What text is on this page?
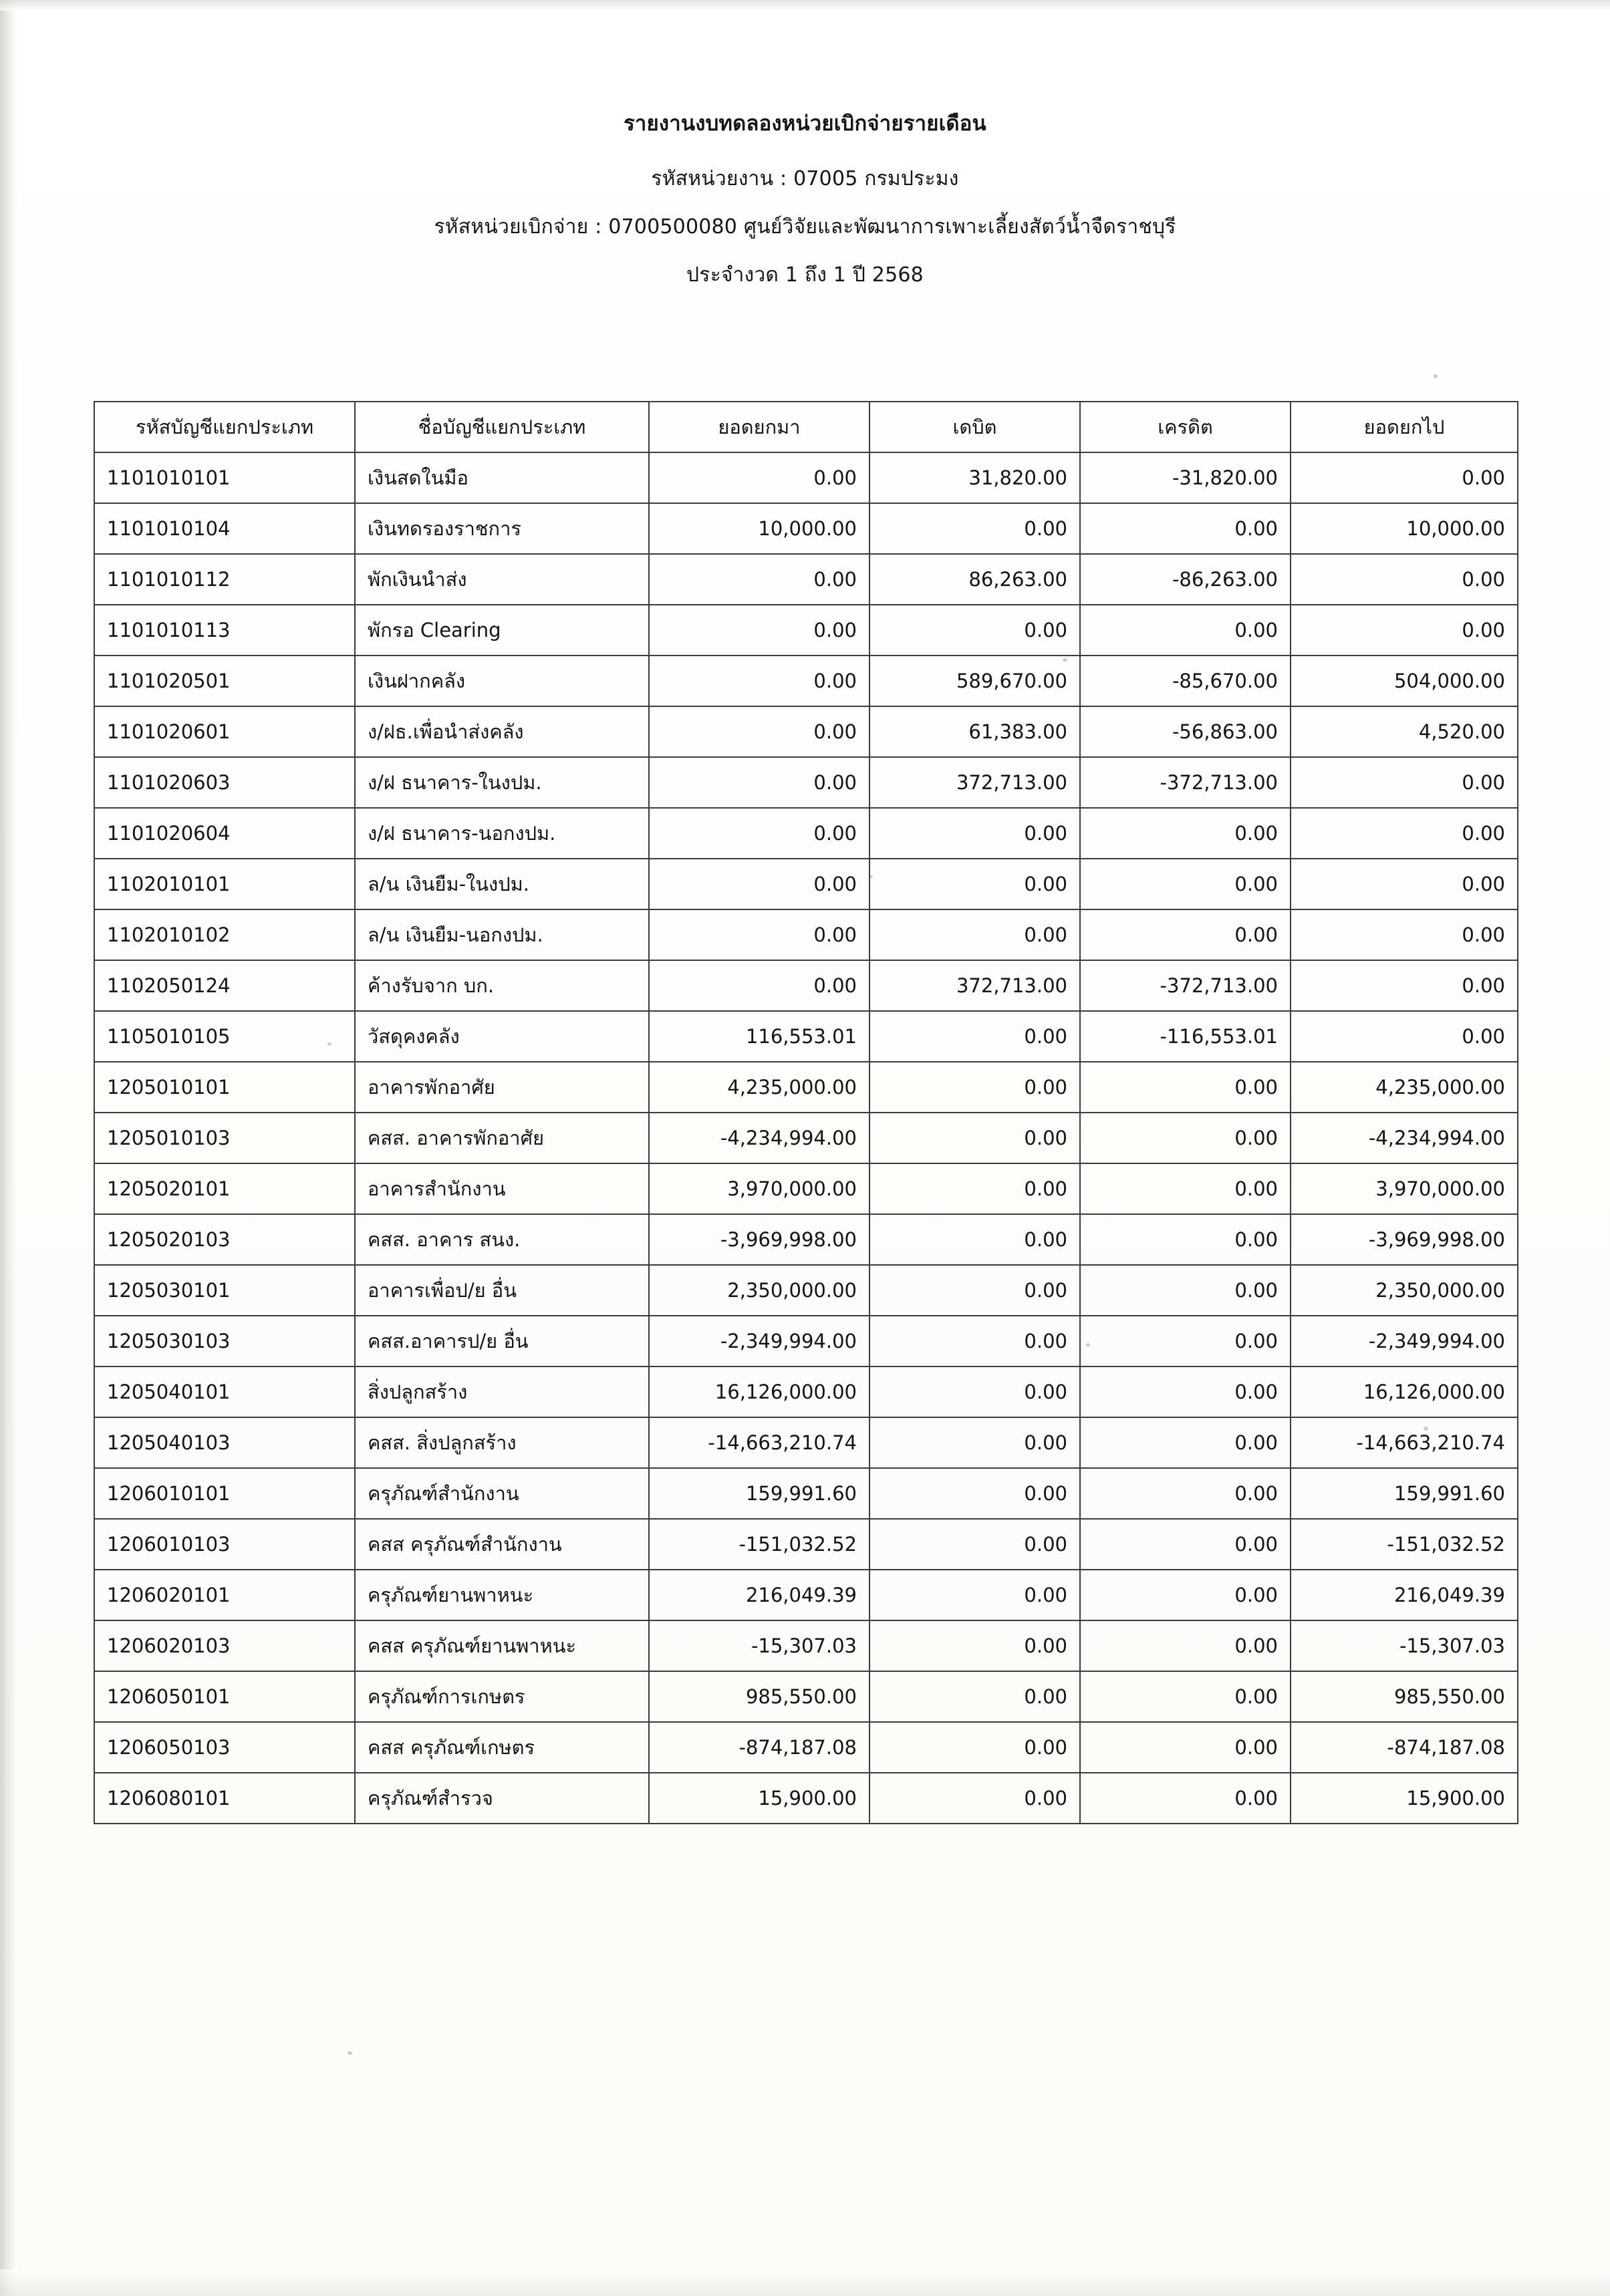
รายงานงบทดลองหน่วยเบิกจ่ายรายเดือน
รหัสหน่วยงาน : 07005 กรมประมง
รหัสหน่วยเบิกจ่าย : 0700500080 ศูนย์วิจัยและพัฒนาการเพาะเลี้ยงสัตว์น้ำจืดราชบุรี
ประจำงวด 1 ถึง 1 ปี 2568
รหัสบัญชีแยกประเภท	ชื่อบัญชีแยกประเภท	ยอดยกมา	เดบิต	เครดิต	ยอดยกไป
1101010101	เงินสดในมือ	0.00	31,820.00	-31,820.00	0.00
1101010104	เงินทดรองราชการ	10,000.00	0.00	0.00	10,000.00
1101010112	พักเงินนำส่ง	0.00	86,263.00	-86,263.00	0.00
1101010113	พักรอ Clearing	0.00	0.00	0.00	0.00
1101020501	เงินฝากคลัง	0.00	589,670.00	-85,670.00	504,000.00
1101020601	ง/ฝธ.เพื่อนำส่งคลัง	0.00	61,383.00	-56,863.00	4,520.00
1101020603	ง/ฝ ธนาคาร-ในงปม.	0.00	372,713.00	-372,713.00	0.00
1101020604	ง/ฝ ธนาคาร-นอกงปม.	0.00	0.00	0.00	0.00
1102010101	ล/น เงินยืม-ในงปม.	0.00	0.00	0.00	0.00
1102010102	ล/น เงินยืม-นอกงปม.	0.00	0.00	0.00	0.00
1102050124	ค้างรับจาก บก.	0.00	372,713.00	-372,713.00	0.00
1105010105	วัสดุคงคลัง	116,553.01	0.00	-116,553.01	0.00
1205010101	อาคารพักอาศัย	4,235,000.00	0.00	0.00	4,235,000.00
1205010103	คสส. อาคารพักอาศัย	-4,234,994.00	0.00	0.00	-4,234,994.00
1205020101	อาคารสำนักงาน	3,970,000.00	0.00	0.00	3,970,000.00
1205020103	คสส. อาคาร สนง.	-3,969,998.00	0.00	0.00	-3,969,998.00
1205030101	อาคารเพื่อป/ย อื่น	2,350,000.00	0.00	0.00	2,350,000.00
1205030103	คสส.อาคารป/ย อื่น	-2,349,994.00	0.00	0.00	-2,349,994.00
1205040101	สิ่งปลูกสร้าง	16,126,000.00	0.00	0.00	16,126,000.00
1205040103	คสส. สิ่งปลูกสร้าง	-14,663,210.74	0.00	0.00	-14,663,210.74
1206010101	ครุภัณฑ์สำนักงาน	159,991.60	0.00	0.00	159,991.60
1206010103	คสส ครุภัณฑ์สำนักงาน	-151,032.52	0.00	0.00	-151,032.52
1206020101	ครุภัณฑ์ยานพาหนะ	216,049.39	0.00	0.00	216,049.39
1206020103	คสส ครุภัณฑ์ยานพาหนะ	-15,307.03	0.00	0.00	-15,307.03
1206050101	ครุภัณฑ์การเกษตร	985,550.00	0.00	0.00	985,550.00
1206050103	คสส ครุภัณฑ์เกษตร	-874,187.08	0.00	0.00	-874,187.08
1206080101	ครุภัณฑ์สำรวจ	15,900.00	0.00	0.00	15,900.00
